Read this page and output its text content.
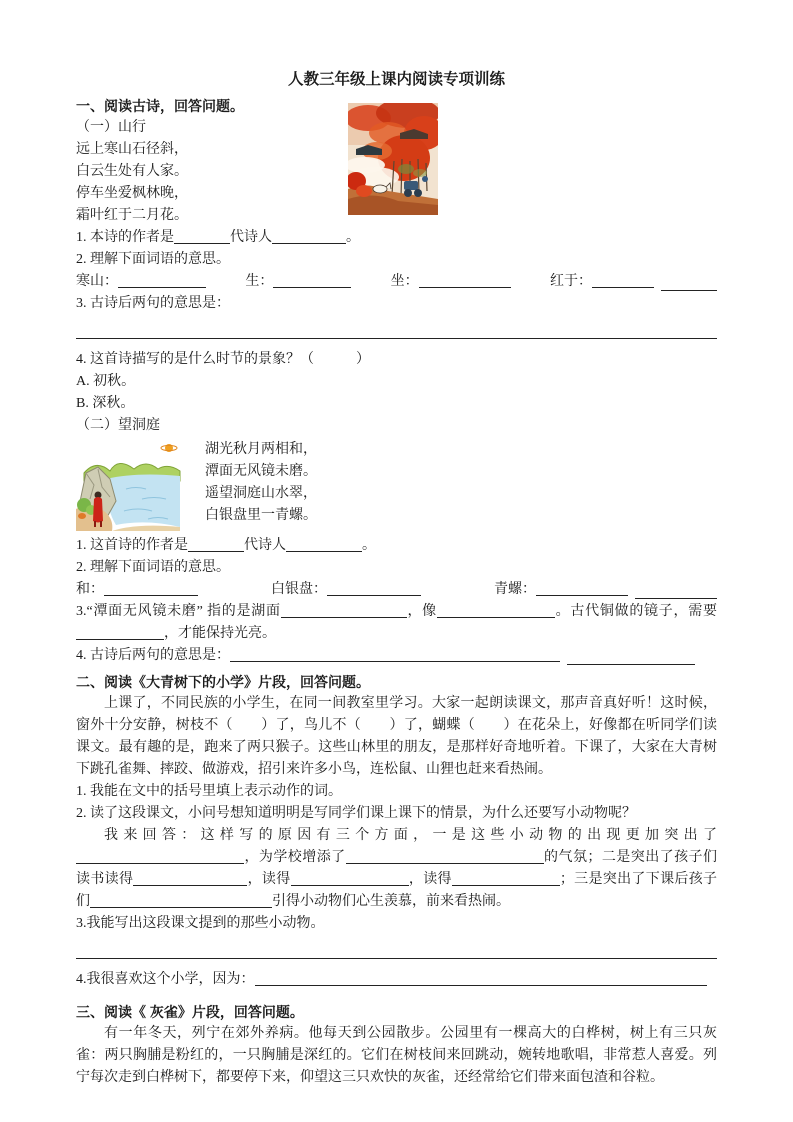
人教三年级上课内阅读专项训练
一、阅读古诗，回答问题。
（一）山行
远上寒山石径斜，
白云生处有人家。
停车坐爱枫林晚，
霜叶红于二月花。
1. 本诗的作者是	代诗人	。
2. 理解下面词语的意思。
寒山：	生：	坐：	红于：
3. 古诗后两句的意思是：
4. 这首诗描写的是什么时节的景象？（　　　）
A. 初秋。
B. 深秋。
（二）望洞庭
湖光秋月两相和，
潭面无风镜未磨。
遥望洞庭山水翠，
白银盘里一青螺。
1. 这首诗的作者是	代诗人	。
2. 理解下面词语的意思。
和：	白银盘：	青螺：
3.“潭面无风镜未磨” 指的是湖面	，像	。古代铜做的镜子，需要，才能保持光亮。
4. 古诗后两句的意思是：
二、阅读《大青树下的小学》片段，回答问题。

上课了，不同民族的小学生，在同一间教室里学习。大家一起朗读课文，那声音真好听！这时候，窗外十分安静，树枝不（　　）了，鸟儿不（　　）了，蝴蝶（　　）在花朵上，好像都在听同学们读课文。最有趣的是，跑来了两只猴子。这些山林里的朋友，是那样好奇地听着。下课了，大家在大青树下跳孔雀舞、摔跤、做游戏，招引来许多小鸟，连松鼠、山狸也赶来看热闹。

1. 我能在文中的括号里填上表示动作的词。
2. 读了这段课文，小问号想知道明明是写同学们课上课下的情景，为什么还要写小动物呢？
我来回答：这样写的原因有三个方面，一是这些小动物的出现更加突出了，为学校增添了	的气氛；二是突出了孩子们读书读得	，读得	，读得	；三是突出了下课后孩子们	引得小动物们心生羡慕，前来看热闹。
3.我能写出这段课文提到的那些小动物。
4.我很喜欢这个小学，因为：
三、阅读《 灰雀》片段，回答问题。

有一年冬天，列宁在郊外养病。他每天到公园散步。公园里有一棵高大的白桦树，树上有三只灰雀：两只胸脯是粉红的，一只胸脯是深红的。它们在树枝间来回跳动，婉转地歌唱，非常惹人喜爱。列宁每次走到白桦树下，都要停下来，仰望这三只欢快的灰雀，还经常给它们带来面包渣和谷粒。
